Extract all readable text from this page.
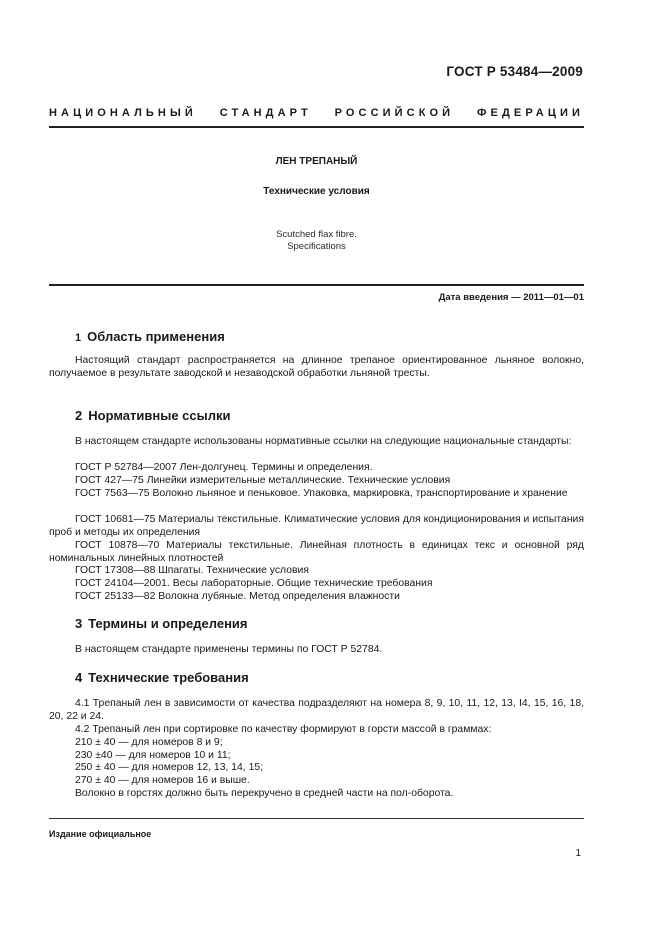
ГОСТ Р 53484—2009
НАЦИОНАЛЬНЫЙ СТАНДАРТ РОССИЙСКОЙ ФЕДЕРАЦИИ
ЛЕН ТРЕПАНЫЙ
Технические условия
Scutched flax fibre.
Specifications
Дата введения — 2011—01—01
1 Область применения
Настоящий стандарт распространяется на длинное трепаное ориентированное льняное волокно, получаемое в результате заводской и незаводской обработки льняной тресты.
2 Нормативные ссылки
В настоящем стандарте использованы нормативные ссылки на следующие национальные стандарты:
ГОСТ Р 52784—2007 Лен-долгунец. Термины и определения.
ГОСТ 427—75 Линейки измерительные металлические. Технические условия
ГОСТ 7563—75 Волокно льняное и пеньковое. Упаковка, маркировка, транспортирование и хранение
ГОСТ 10681—75 Материалы текстильные. Климатические условия для кондиционирования и испытания проб и методы их определения
ГОСТ 10878—70 Материалы текстильные. Линейная плотность в единицах текс и основной ряд номинальных линейных плотностей
ГОСТ 17308—88 Шпагаты. Технические условия
ГОСТ 24104—2001. Весы лабораторные. Общие технические требования
ГОСТ 25133—82 Волокна лубяные. Метод определения влажности
3 Термины и определения
В настоящем стандарте применены термины по ГОСТ Р 52784.
4 Технические требования
4.1 Трепаный лен в зависимости от качества подразделяют на номера 8, 9, 10, 11, 12, 13, I4, 15, 16, 18, 20, 22 и 24.
4.2 Трепаный лен при сортировке по качеству формируют в горсти массой в граммах:
210 ± 40 — для номеров 8 и 9;
230 ±40 — для номеров 10 и 11;
250 ± 40 — для номеров 12, 13, 14, 15;
270 ± 40 — для номеров 16 и выше.
Волокно в горстях должно быть перекручено в средней части на пол-оборота.
Издание официальное
1
